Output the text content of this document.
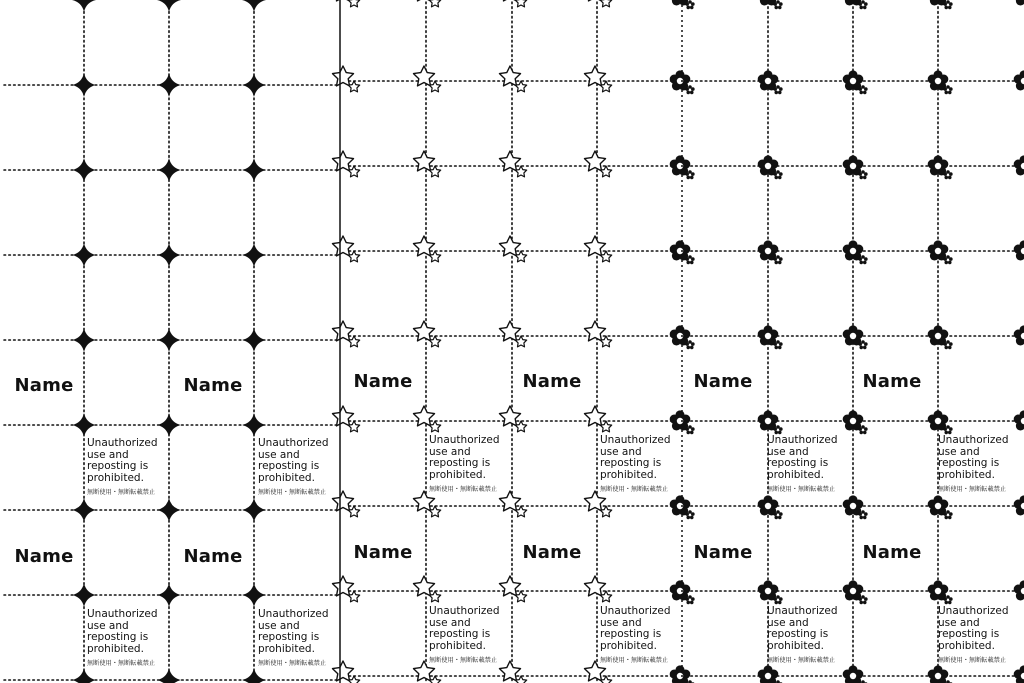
Name	Name	Name	Name	Name	Name
Name	Name	Name	Name	Name	Name
Unauthorized use and reposting is prohibited.
無断使用・無断転載禁止
Unauthorized use and reposting is prohibited.
無断使用・無断転載禁止
Unauthorized use and reposting is prohibited.
無断使用・無断転載禁止
Unauthorized use and reposting is prohibited.
無断使用・無断転載禁止
Unauthorized use and reposting is prohibited.
無断使用・無断転載禁止
Unauthorized use and reposting is prohibited.
無断使用・無断転載禁止
Unauthorized use and reposting is prohibited.
無断使用・無断転載禁止
Unauthorized use and reposting is prohibited.
無断使用・無断転載禁止
Unauthorized use and reposting is prohibited.
無断使用・無断転載禁止
Unauthorized use and reposting is prohibited.
無断使用・無断転載禁止
Unauthorized use and reposting is prohibited.
無断使用・無断転載禁止
Unauthorized use and reposting is prohibited.
無断使用・無断転載禁止
